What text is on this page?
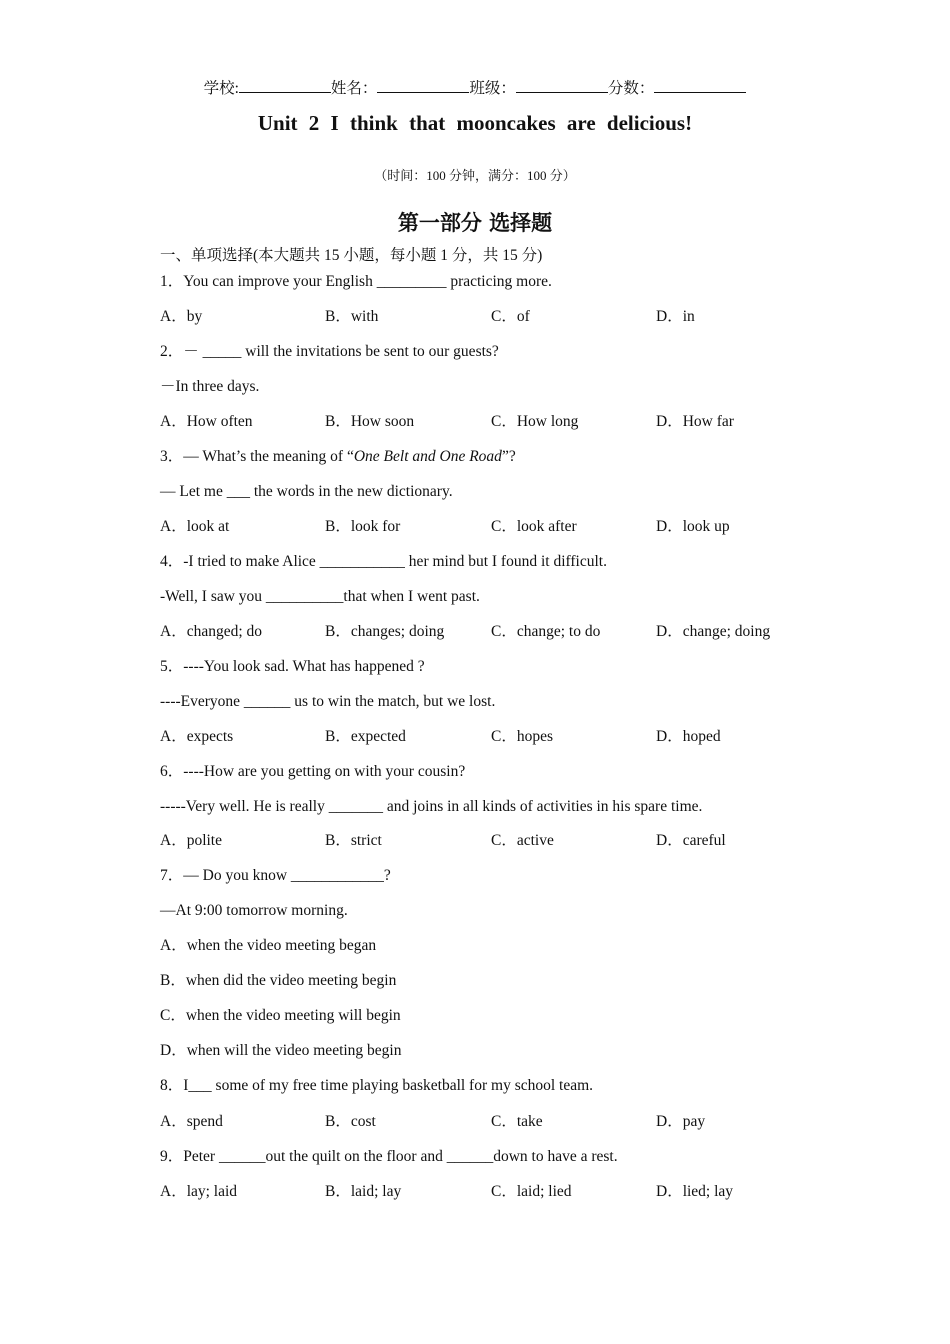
学校:	姓名：	班级：	分数：
Unit 2 I think that mooncakes are delicious!
（时间：100 分钟，满分：100 分）
第一部分 选择题
一、单项选择(本大题共 15 小题，每小题 1 分，共 15 分)
1．You can improve your English _________ practicing more.
A．by	B．with	C．of	D．in
2．－ _____ will the invitations be sent to our guests?
－In three days.
A．How often	B．How soon	C．How long	D．How far
3．— What’s the meaning of “One Belt and One Road”?
— Let me ___ the words in the new dictionary.
A．look at	B．look for	C．look after	D．look up
4．-I tried to make Alice ___________ her mind but I found it difficult.
-Well, I saw you __________that when I went past.
A．changed; do	B．changes; doing	C．change; to do	D．change; doing
5．----You look sad. What has happened ?
----Everyone ______ us to win the match, but we lost.
A．expects	B．expected	C．hopes	D．hoped
6．----How are you getting on with your cousin?
-----Very well. He is really _______ and joins in all kinds of activities in his spare time.
A．polite	B．strict	C．active	D．careful
7．— Do you know ____________?
—At 9:00 tomorrow morning.
A．when the video meeting began
B．when did the video meeting begin
C．when the video meeting will begin
D．when will the video meeting begin
8．I___ some of my free time playing basketball for my school team.
A．spend	B．cost	C．take	D．pay
9．Peter ______out the quilt on the floor and ______down to have a rest.
A．lay; laid	B．laid; lay	C．laid; lied	D．lied; lay
